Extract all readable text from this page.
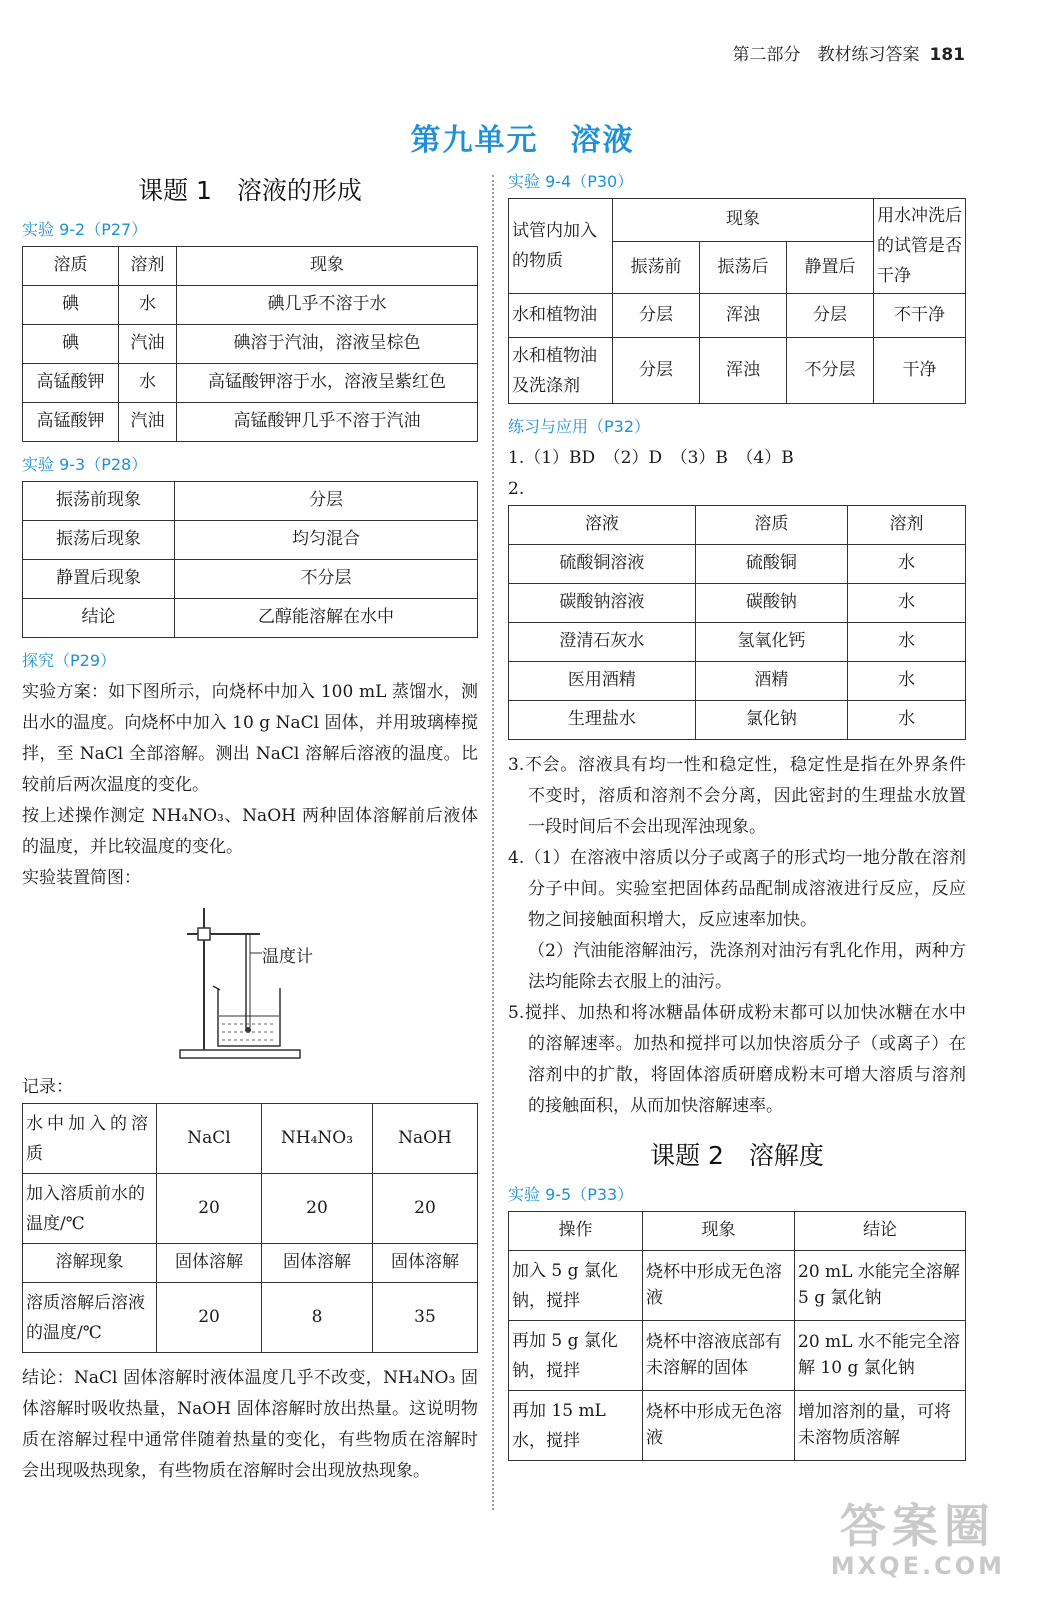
第二部分　教材练习答案 181
第九单元　溶液
课题 1　溶液的形成
实验 9-2（P27）
溶质	溶剂	现象
碘	水	碘几乎不溶于水
碘	汽油	碘溶于汽油，溶液呈棕色
高锰酸钾	水	高锰酸钾溶于水，溶液呈紫红色
高锰酸钾	汽油	高锰酸钾几乎不溶于汽油
实验 9-3（P28）
振荡前现象	分层
振荡后现象	均匀混合
静置后现象	不分层
结论	乙醇能溶解在水中
探究（P29）

实验方案：如下图所示，向烧杯中加入 100 mL 蒸馏水，测出水的温度。向烧杯中加入 10 g NaCl 固体，并用玻璃棒搅拌，至 NaCl 全部溶解。测出 NaCl 溶解后溶液的温度。比较前后两次温度的变化。

按上述操作测定 NH₄NO₃、NaOH 两种固体溶解前后液体的温度，并比较温度的变化。

实验装置简图：

温度计

记录：

水中加入的溶质	NaCl	NH₄NO₃	NaOH
加入溶质前水的温度/℃	20	20	20
溶解现象	固体溶解	固体溶解	固体溶解
溶质溶解后溶液的温度/℃	20	8	35

结论：NaCl 固体溶解时液体温度几乎不改变，NH₄NO₃ 固体溶解时吸收热量，NaOH 固体溶解时放出热量。这说明物质在溶解过程中通常伴随着热量的变化，有些物质在溶解时会出现吸热现象，有些物质在溶解时会出现放热现象。

实验 9-4（P30）
试管内加入的物质	现象			用水冲洗后的试管是否干净
	振荡前	振荡后	静置后	
水和植物油	分层	浑浊	分层	不干净
水和植物油及洗涤剂	分层	浑浊	不分层	干净
练习与应用（P32）
1.（1）BD　（2）D　（3）B　（4）B
2.
溶液	溶质	溶剂
硫酸铜溶液	硫酸铜	水
碳酸钠溶液	碳酸钠	水
澄清石灰水	氢氧化钙	水
医用酒精	酒精	水
生理盐水	氯化钠	水
3.不会。溶液具有均一性和稳定性，稳定性是指在外界条件不变时，溶质和溶剂不会分离，因此密封的生理盐水放置一段时间后不会出现浑浊现象。
4.（1）在溶液中溶质以分子或离子的形式均一地分散在溶剂分子中间。实验室把固体药品配制成溶液进行反应，反应物之间接触面积增大，反应速率加快。
（2）汽油能溶解油污，洗涤剂对油污有乳化作用，两种方法均能除去衣服上的油污。
5.搅拌、加热和将冰糖晶体研成粉末都可以加快冰糖在水中的溶解速率。加热和搅拌可以加快溶质分子（或离子）在溶剂中的扩散，将固体溶质研磨成粉末可增大溶质与溶剂的接触面积，从而加快溶解速率。
课题 2　溶解度
实验 9-5（P33）
操作	现象	结论
加入 5 g 氯化钠，搅拌	烧杯中形成无色溶液	20 mL 水能完全溶解 5 g 氯化钠
再加 5 g 氯化钠，搅拌	烧杯中溶液底部有未溶解的固体	20 mL 水不能完全溶解 10 g 氯化钠
再加 15 mL 水，搅拌	烧杯中形成无色溶液	增加溶剂的量，可将未溶物质溶解
答案圈
MXQE.COM
